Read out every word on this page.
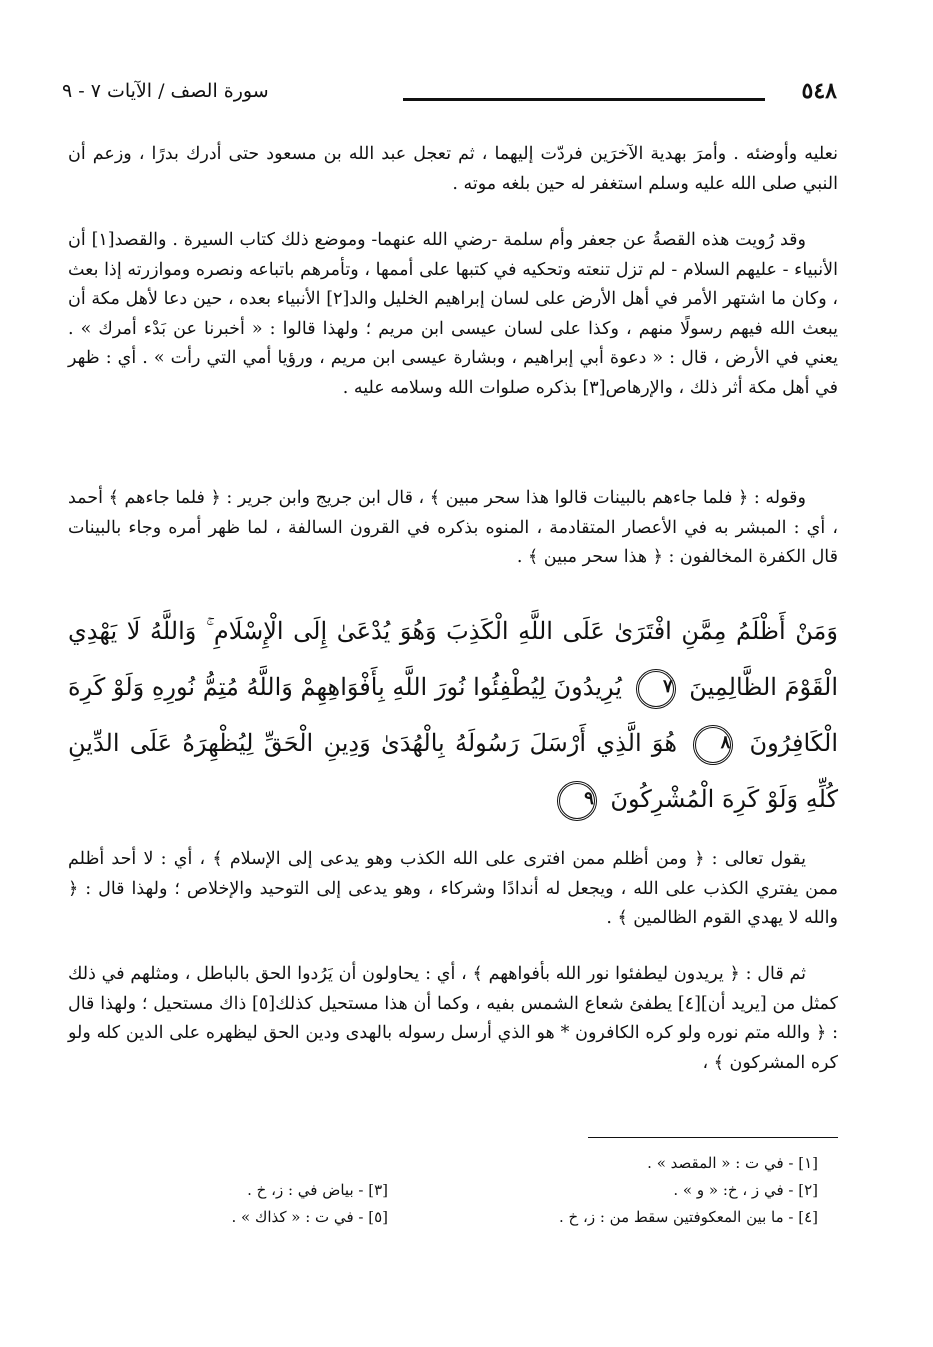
٥٤٨
سورة الصف / الآيات ٧ - ٩
نعليه وأوضئه . وأمرَ بهدية الآخرَين فردّت إليهما ، ثم تعجل عبد الله بن مسعود حتى أدرك بدرًا ، وزعم أن النبي صلى الله عليه وسلم استغفر له حين بلغه موته .
وقد رُويت هذه القصةُ عن جعفر وأم سلمة -رضي الله عنهما- وموضع ذلك كتاب السيرة . والقصد[١] أن الأنبياء - عليهم السلام - لم تزل تنعته وتحكيه في كتبها على أممها ، وتأمرهم باتباعه ونصره وموازرته إذا بعث ، وكان ما اشتهر الأمر في أهل الأرض على لسان إبراهيم الخليل والد[٢] الأنبياء بعده ، حين دعا لأهل مكة أن يبعث الله فيهم رسولًا منهم ، وكذا على لسان عيسى ابن مريم ؛ ولهذا قالوا : « أخبرنا عن بَدْء أمرك » . يعني في الأرض ، قال : « دعوة أبي إبراهيم ، وبشارة عيسى ابن مريم ، ورؤيا أمي التي رأت » . أي : ظهر في أهل مكة أثر ذلك ، والإرهاص[٣] بذكره صلوات الله وسلامه عليه .
وقوله : ﴿ فلما جاءهم بالبينات قالوا هذا سحر مبين ﴾ ، قال ابن جريج وابن جرير : ﴿ فلما جاءهم ﴾ أحمد ، أي : المبشر به في الأعصار المتقادمة ، المنوه بذكره في القرون السالفة ، لما ظهر أمره وجاء بالبينات قال الكفرة المخالفون : ﴿ هذا سحر مبين ﴾ .
وَمَنْ أَظْلَمُ مِمَّنِ افْتَرَىٰ عَلَى اللَّهِ الْكَذِبَ وَهُوَ يُدْعَىٰ إِلَى الْإِسْلَامِ ۚ وَاللَّهُ لَا يَهْدِي الْقَوْمَ الظَّالِمِينَ ٧ يُرِيدُونَ لِيُطْفِئُوا نُورَ اللَّهِ بِأَفْوَاهِهِمْ وَاللَّهُ مُتِمُّ نُورِهِ وَلَوْ كَرِهَ الْكَافِرُونَ ٨ هُوَ الَّذِي أَرْسَلَ رَسُولَهُ بِالْهُدَىٰ وَدِينِ الْحَقِّ لِيُظْهِرَهُ عَلَى الدِّينِ كُلِّهِ وَلَوْ كَرِهَ الْمُشْرِكُونَ ٩
يقول تعالى : ﴿ ومن أظلم ممن افترى على الله الكذب وهو يدعى إلى الإسلام ﴾ ، أي : لا أحد أظلم ممن يفتري الكذب على الله ، ويجعل له أندادًا وشركاء ، وهو يدعى إلى التوحيد والإخلاص ؛ ولهذا قال : ﴿ والله لا يهدي القوم الظالمين ﴾ .
ثم قال : ﴿ يريدون ليطفئوا نور الله بأفواههم ﴾ ، أي : يحاولون أن يَرُدوا الحق بالباطل ، ومثلهم في ذلك كمثل من [يريد أن][٤] يطفئ شعاع الشمس بفيه ، وكما أن هذا مستحيل كذلك[٥] ذاك مستحيل ؛ ولهذا قال : ﴿ والله متم نوره ولو كره الكافرون * هو الذي أرسل رسوله بالهدى ودين الحق ليظهره على الدين كله ولو كره المشركون ﴾ ،
[١] - في ت : « المقصد » .
[٢] - في ز ، خ: « و » .
[٣] - بياض في : ز، خ .
[٤] - ما بين المعكوفتين سقط من : ز، خ .
[٥] - في ت : « كذاك » .
